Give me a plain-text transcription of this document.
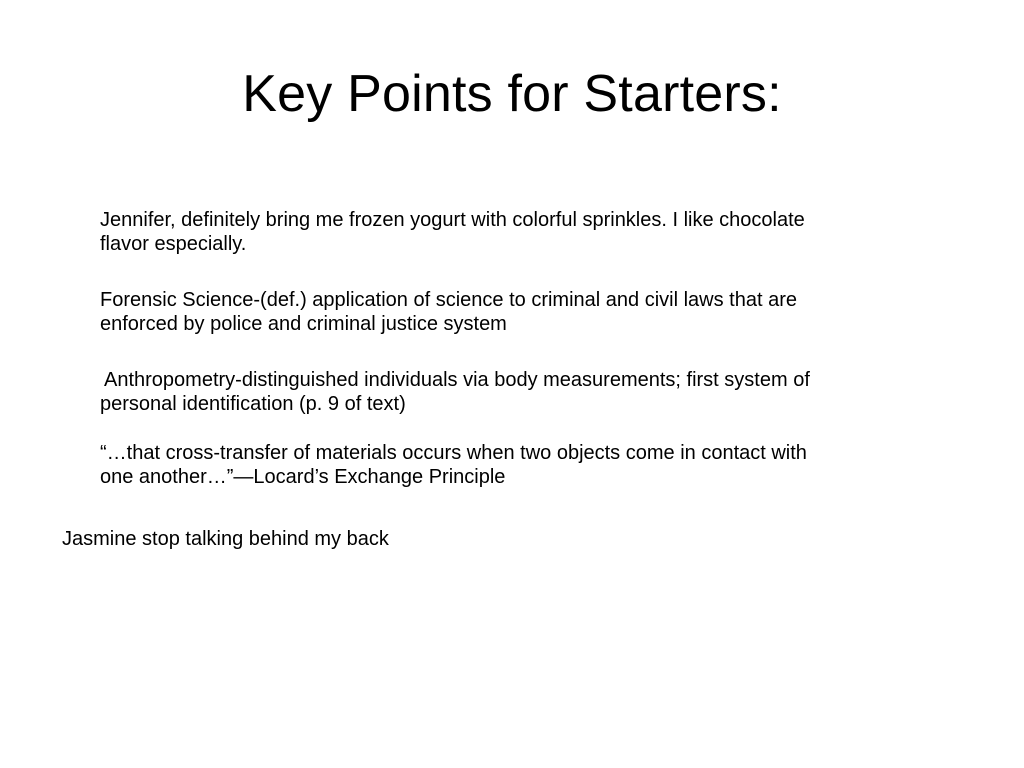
Key Points for Starters:

Jennifer, definitely bring me frozen yogurt with colorful sprinkles. I like chocolate
flavor especially.

Forensic Science-(def.) application of science to criminal and civil laws that are
enforced by police and criminal justice system

Anthropometry-distinguished individuals via body measurements; first system of
personal identification (p. 9 of text)

“…that cross-transfer of materials occurs when two objects come in contact with
one another…”—Locard’s Exchange Principle

Jasmine stop talking behind my back
